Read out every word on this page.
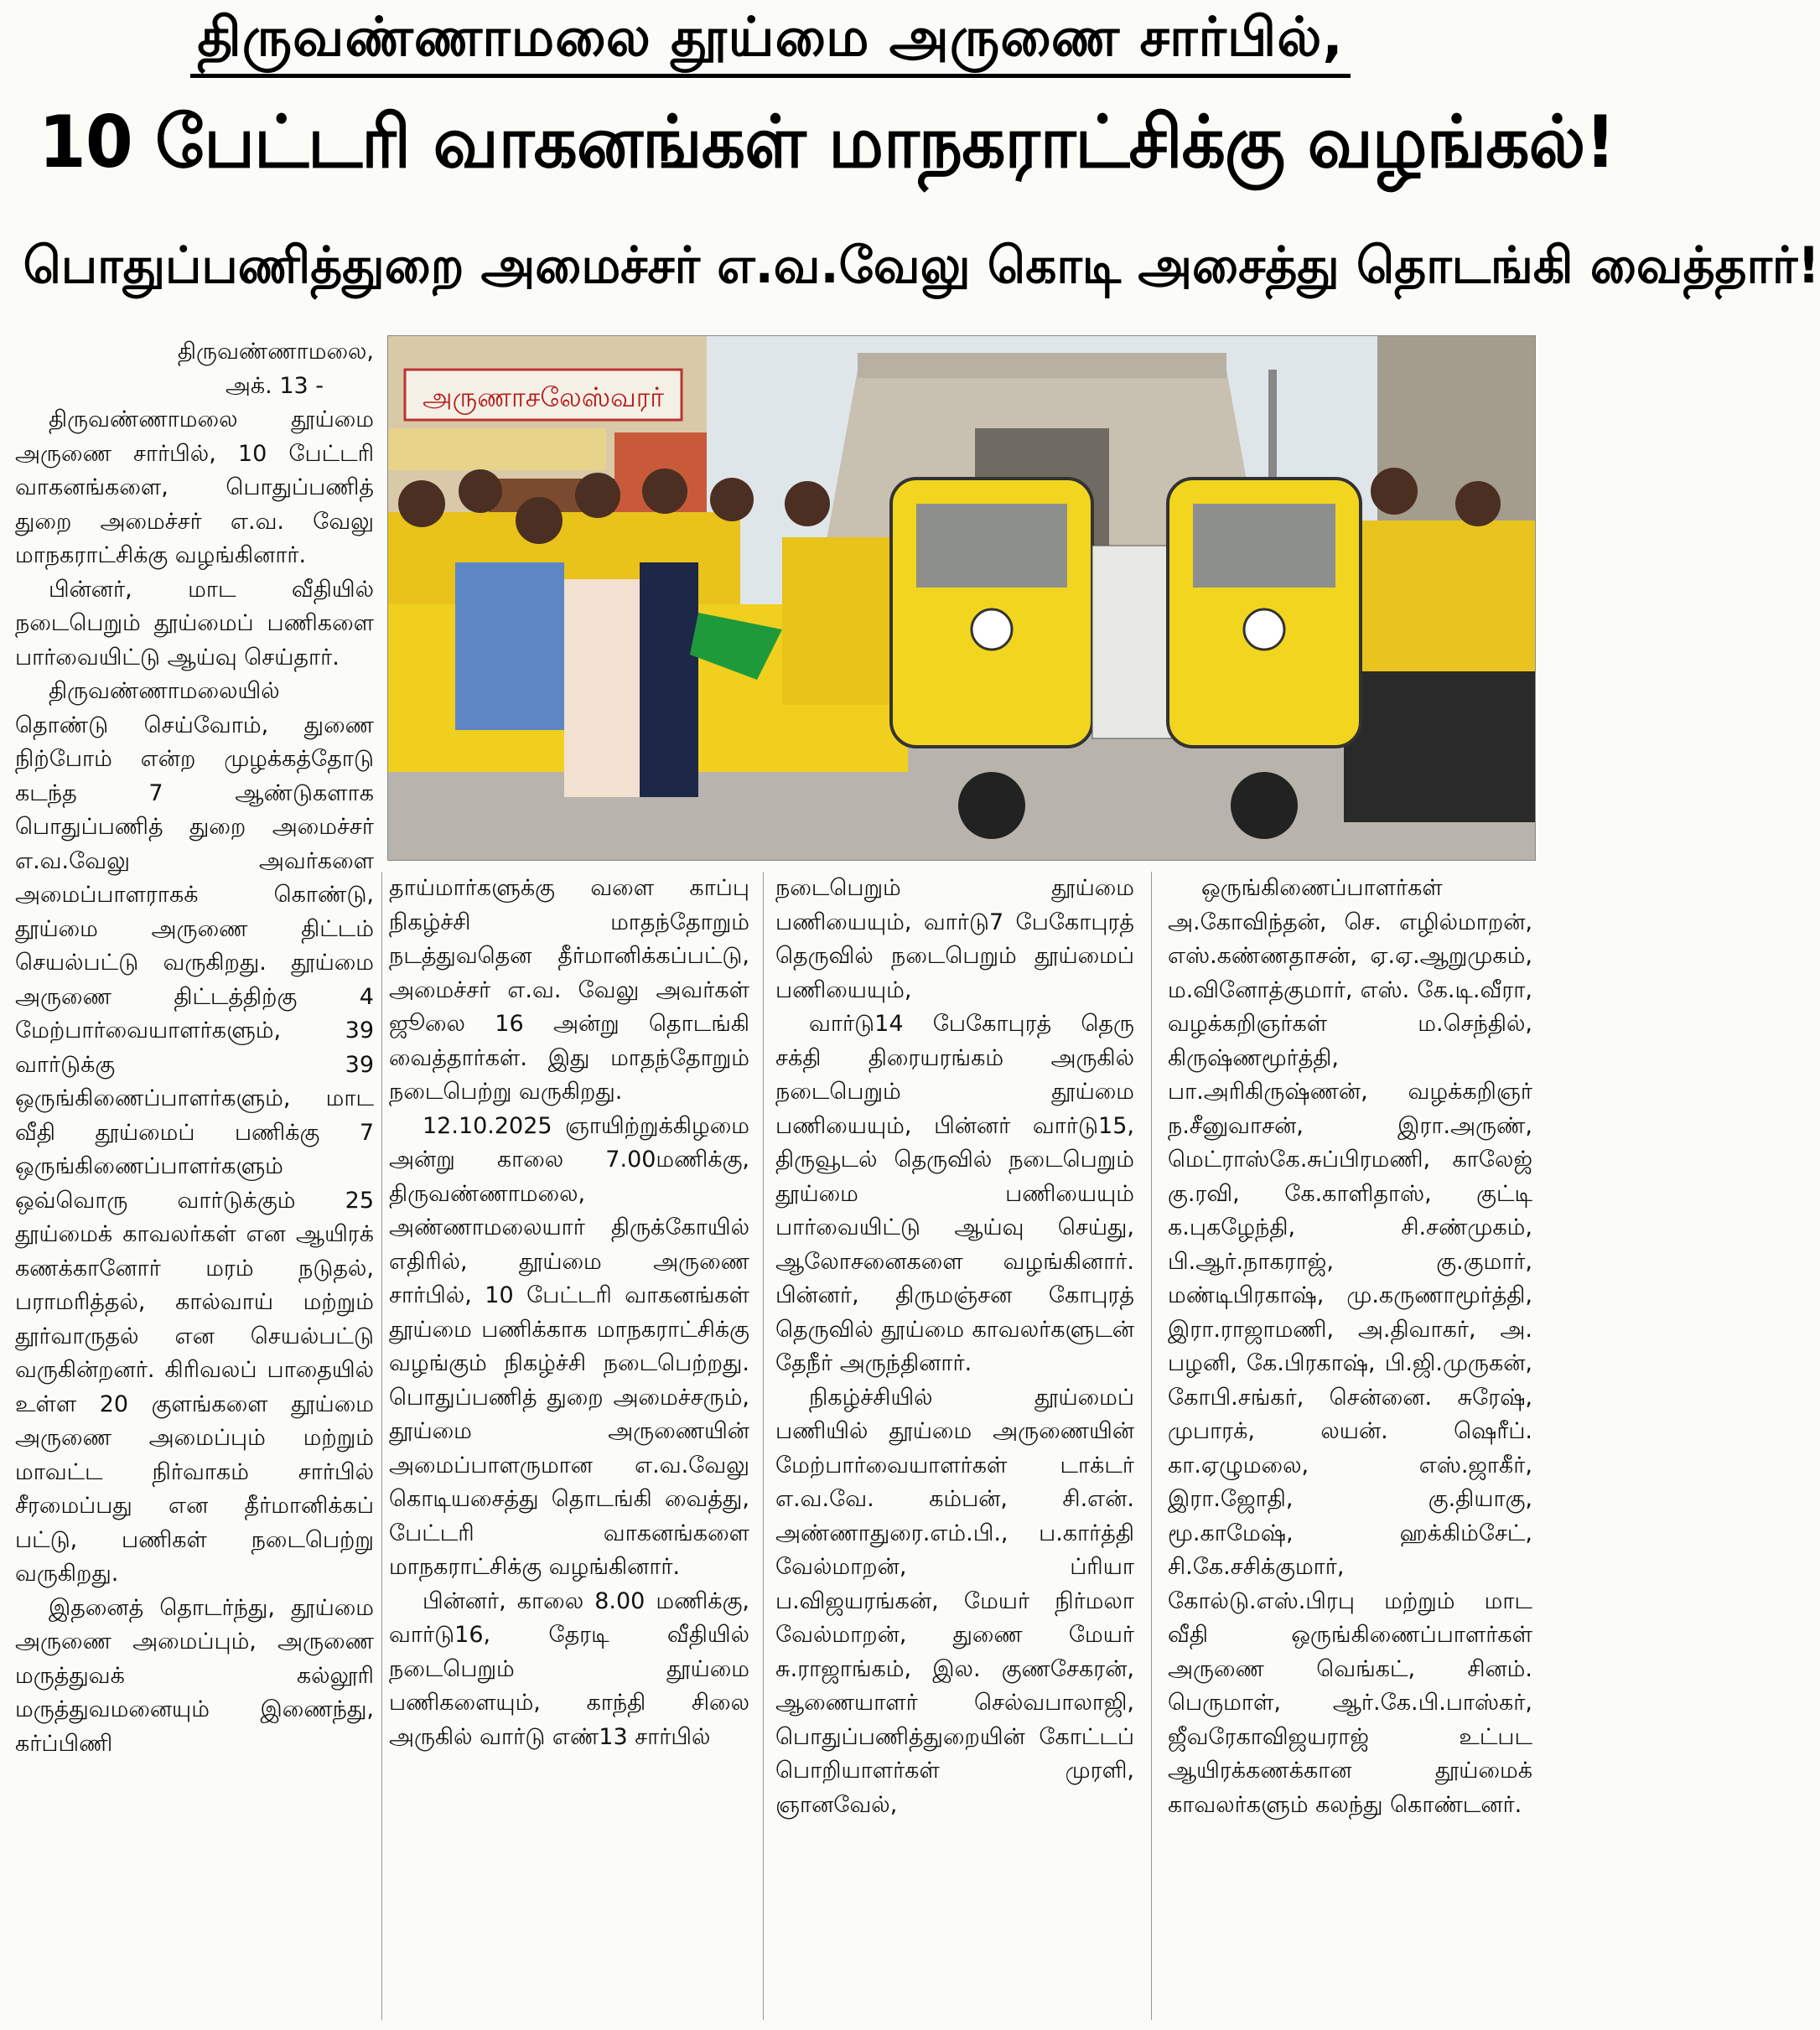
திருவண்ணாமலை தூய்மை அருணை சார்பில்,
10 பேட்டரி வாகனங்கள் மாநகராட்சிக்கு வழங்கல்!
பொதுப்பணித்துறை அமைச்சர் எ.வ.வேலு கொடி அசைத்து தொடங்கி வைத்தார்!
அருணாசலேஸ்வரர்
திருவண்ணாமலை,
அக். 13 -

திருவண்ணாமலை தூய்மை அருணை சார்பில், 10 பேட்டரி வாகனங்களை, பொதுப்பணித் துறை அமைச்சர் எ.வ. வேலு மாநகராட்சிக்கு வழங்கினார்.

பின்னர், மாட வீதியில் நடைபெறும் தூய்மைப் பணிகளை பார்வையிட்டு ஆய்வு செய்தார்.

திருவண்ணாமலையில் தொண்டு செய்வோம், துணை நிற்போம் என்ற முழக்கத்தோடு கடந்த 7 ஆண்டுகளாக பொதுப்பணித் துறை அமைச்சர் எ.வ.வேலு அவர்களை அமைப்பாளராகக் கொண்டு, தூய்மை அருணை திட்டம் செயல்பட்டு வருகிறது. தூய்மை அருணை திட்டத்திற்கு 4 மேற்பார்வையாளர்களும், 39 வார்டுக்கு 39 ஒருங்கிணைப்பாளர்களும், மாட வீதி தூய்மைப் பணிக்கு 7 ஒருங்கிணைப்பாளர்களும் ஒவ்வொரு வார்டுக்கும் 25 தூய்மைக் காவலர்கள் என ஆயிரக் கணக்கானோர் மரம் நடுதல், பராமரித்தல், கால்வாய் மற்றும் தூர்வாருதல் என செயல்பட்டு வருகின்றனர். கிரிவலப் பாதையில் உள்ள 20 குளங்களை தூய்மை அருணை அமைப்பும் மற்றும் மாவட்ட நிர்வாகம் சார்பில் சீரமைப்பது என தீர்மானிக்கப் பட்டு, பணிகள் நடைபெற்று வருகிறது.

இதனைத் தொடர்ந்து, தூய்மை அருணை அமைப்பும், அருணை மருத்துவக் கல்லூரி மருத்துவமனையும் இணைந்து, கர்ப்பிணி

தாய்மார்களுக்கு வளை காப்பு நிகழ்ச்சி மாதந்தோறும் நடத்துவதென தீர்மானிக்கப்பட்டு, அமைச்சர் எ.வ. வேலு அவர்கள் ஜூலை 16 அன்று தொடங்கி வைத்தார்கள். இது மாதந்தோறும் நடைபெற்று வருகிறது.

12.10.2025 ஞாயிற்றுக்கிழமை அன்று காலை 7.00மணிக்கு, திருவண்ணாமலை, அண்ணாமலையார் திருக்கோயில் எதிரில், தூய்மை அருணை சார்பில், 10 பேட்டரி வாகனங்கள் தூய்மை பணிக்காக மாநகராட்சிக்கு வழங்கும் நிகழ்ச்சி நடைபெற்றது. பொதுப்பணித் துறை அமைச்சரும், தூய்மை அருணையின் அமைப்பாளருமான எ.வ.வேலு கொடியசைத்து தொடங்கி வைத்து, பேட்டரி வாகனங்களை மாநகராட்சிக்கு வழங்கினார்.

பின்னர், காலை 8.00 மணிக்கு, வார்டு16, தேரடி வீதியில் நடைபெறும் தூய்மை பணிகளையும், காந்தி சிலை அருகில் வார்டு எண்13 சார்பில்

நடைபெறும் தூய்மை பணியையும், வார்டு7 பேகோபுரத் தெருவில் நடைபெறும் தூய்மைப் பணியையும்,

வார்டு14 பேகோபுரத் தெரு சக்தி திரையரங்கம் அருகில் நடைபெறும் தூய்மை பணியையும், பின்னர் வார்டு15, திருவூடல் தெருவில் நடைபெறும் தூய்மை பணியையும் பார்வையிட்டு ஆய்வு செய்து, ஆலோசனைகளை வழங்கினார். பின்னர், திருமஞ்சன கோபுரத் தெருவில் தூய்மை காவலர்களுடன் தேநீர் அருந்தினார்.

நிகழ்ச்சியில் தூய்மைப் பணியில் தூய்மை அருணையின் மேற்பார்வையாளர்கள் டாக்டர் எ.வ.வே. கம்பன், சி.என். அண்ணாதுரை.எம்.பி., ப.கார்த்தி வேல்மாறன், ப்ரியா ப.விஜயரங்கன், மேயர் நிர்மலா வேல்மாறன், துணை மேயர் சு.ராஜாங்கம், இல. குணசேகரன், ஆணையாளர் செல்வபாலாஜி, பொதுப்பணித்துறையின் கோட்டப் பொறியாளர்கள் முரளி, ஞானவேல்,

ஒருங்கிணைப்பாளர்கள் அ.கோவிந்தன், செ. எழில்மாறன், எஸ்.கண்ணதாசன், ஏ.ஏ.ஆறுமுகம், ம.வினோத்குமார், எஸ். கே.டி.வீரா, வழக்கறிஞர்கள் ம.செந்தில், கிருஷ்ணமூர்த்தி, பா.அரிகிருஷ்ணன், வழக்கறிஞர் ந.சீனுவாசன், இரா.அருண், மெட்ராஸ்கே.சுப்பிரமணி, காலேஜ் கு.ரவி, கே.காளிதாஸ், குட்டி க.புகழேந்தி, சி.சண்முகம், பி.ஆர்.நாகராஜ், கு.குமார், மண்டிபிரகாஷ், மு.கருணாமூர்த்தி, இரா.ராஜாமணி, அ.திவாகர், அ. பழனி, கே.பிரகாஷ், பி.ஜி.முருகன், கோபி.சங்கர், சென்னை. சுரேஷ், முபாரக், லயன். ஷெரீப். கா.ஏழுமலை, எஸ்.ஜாகீர், இரா.ஜோதி, கு.தியாகு, மூ.காமேஷ், ஹக்கிம்சேட், சி.கே.சசிக்குமார், கோல்டு.எஸ்.பிரபு மற்றும் மாட வீதி ஒருங்கிணைப்பாளர்கள் அருணை வெங்கட், சினம். பெருமாள், ஆர்.கே.பி.பாஸ்கர், ஜீவரேகாவிஜயராஜ் உட்பட ஆயிரக்கணக்கான தூய்மைக் காவலர்களும் கலந்து கொண்டனர்.
